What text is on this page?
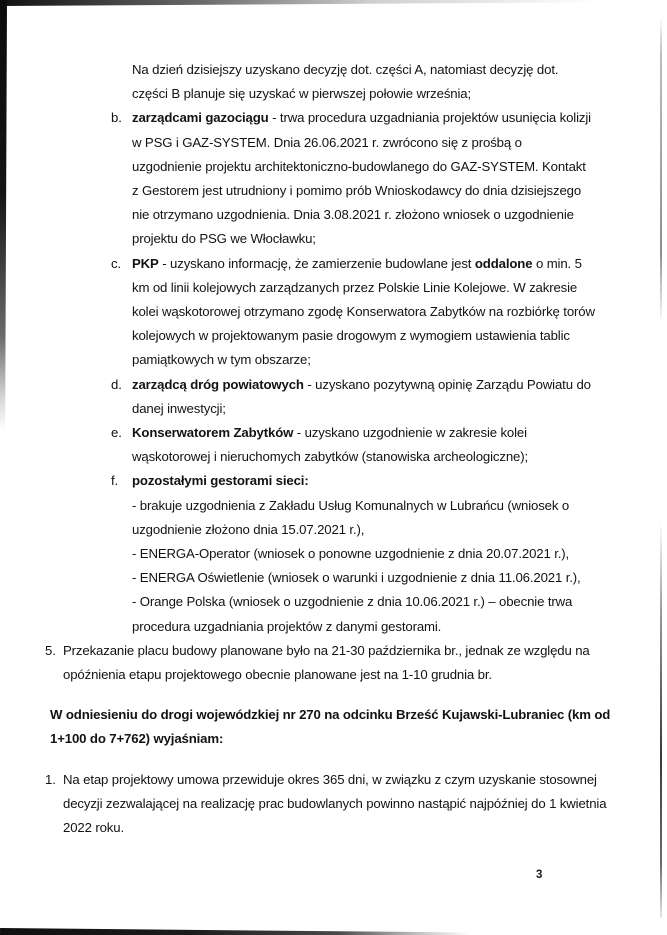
Na dzień dzisiejszy uzyskano decyzję dot. części A, natomiast decyzję dot. części B planuje się uzyskać w pierwszej połowie września;

b. zarządcami gazociągu - trwa procedura uzgadniania projektów usunięcia kolizji w PSG i GAZ-SYSTEM. Dnia 26.06.2021 r. zwrócono się z prośbą o uzgodnienie projektu architektoniczno-budowlanego do GAZ-SYSTEM. Kontakt z Gestorem jest utrudniony i pomimo prób Wnioskodawcy do dnia dzisiejszego nie otrzymano uzgodnienia. Dnia 3.08.2021 r. złożono wniosek o uzgodnienie projektu do PSG we Włocławku;
c. PKP - uzyskano informację, że zamierzenie budowlane jest oddalone o min. 5 km od linii kolejowych zarządzanych przez Polskie Linie Kolejowe. W zakresie kolei wąskotorowej otrzymano zgodę Konserwatora Zabytków na rozbiórkę torów kolejowych w projektowanym pasie drogowym z wymogiem ustawienia tablic pamiątkowych w tym obszarze;
d. zarządcą dróg powiatowych - uzyskano pozytywną opinię Zarządu Powiatu do danej inwestycji;
e. Konserwatorem Zabytków - uzyskano uzgodnienie w zakresie kolei wąskotorowej i nieruchomych zabytków (stanowiska archeologiczne);
f.	pozostałymi gestorami sieci:
- brakuje uzgodnienia z Zakładu Usług Komunalnych w Lubrańcu (wniosek o uzgodnienie złożono dnia 15.07.2021 r.),
- ENERGA-Operator (wniosek o ponowne uzgodnienie z dnia 20.07.2021 r.),
- ENERGA Oświetlenie (wniosek o warunki i uzgodnienie z dnia 11.06.2021 r.),
- Orange Polska (wniosek o uzgodnienie z dnia 10.06.2021 r.) – obecnie trwa procedura uzgadniania projektów z danymi gestorami.
5. Przekazanie placu budowy planowane było na 21-30 października br., jednak ze względu na opóźnienia etapu projektowego obecnie planowane jest na 1-10 grudnia br.

W odniesieniu do drogi wojewódzkiej nr 270 na odcinku Brześć Kujawski-Lubraniec (km od 1+100 do 7+762) wyjaśniam:

1. Na etap projektowy umowa przewiduje okres 365 dni, w związku z czym uzyskanie stosownej decyzji zezwalającej na realizację prac budowlanych powinno nastąpić najpóźniej do 1 kwietnia 2022 roku.
3
